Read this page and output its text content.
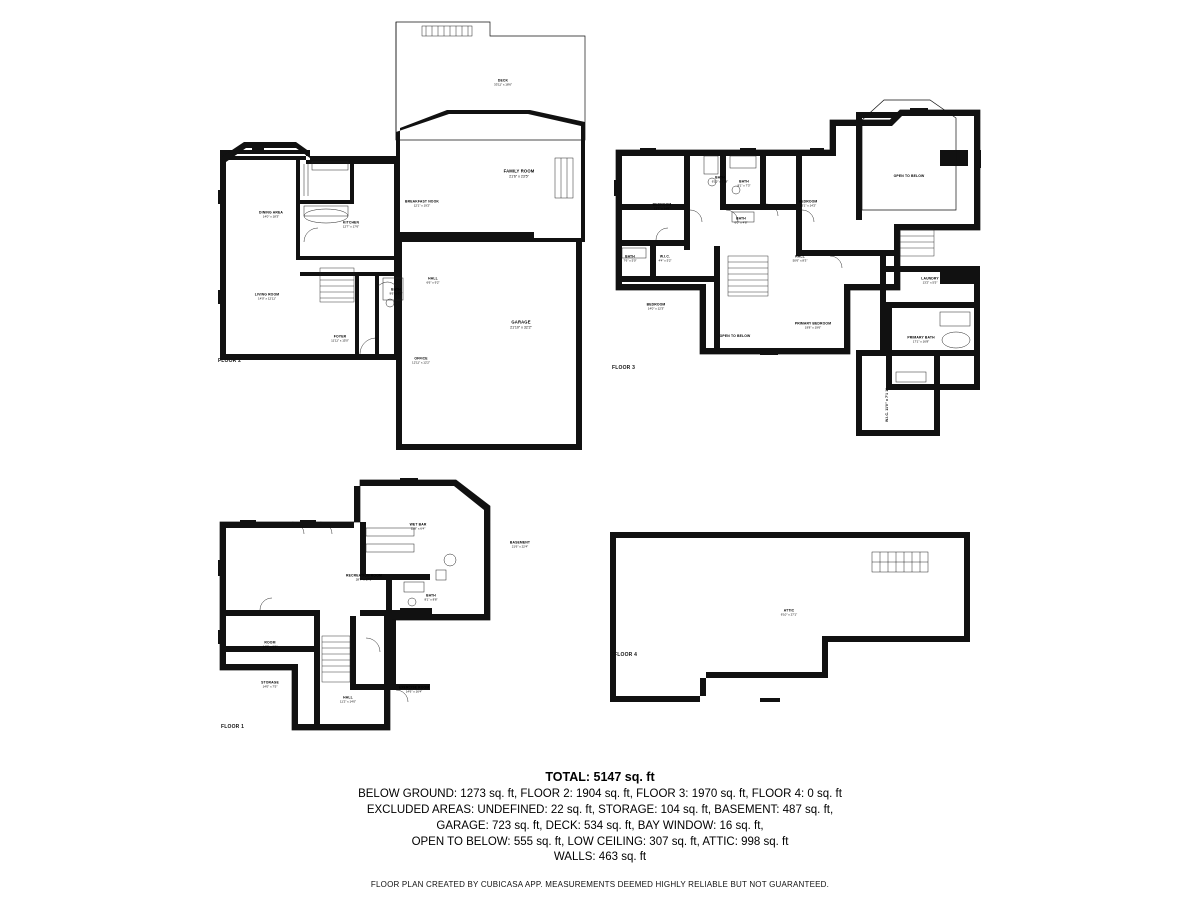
FLOOR 2
DECK
33'11" x 18'6"
FAMILY ROOM
21'6" x 23'5"
BREAKFAST NOOK
12'1" x 19'2"
DINING AREA
14'0" x 18'3"
KITCHEN
12'7" x 17'6"
LIVING ROOM
14'0" x 12'11"
HALL
6'6" x 9'2"
BATH
9'6" x 9'1"
FOYER
11'11" x 15'0"
OFFICE
12'11" x 12'2"
GARAGE
21'10" x 32'2"
FLOOR 3
OPEN TO BELOW
BEDROOM
13'1" x 14'2"
BEDROOM
13'7" x 14'8"
BATH
6'10" x 7'28"	BATH
8'1" x 7'3"
BATH
6'0" x 4'8"
BATH
7'6" x 5'0"
W.I.C.
4'4" x 5'2"
BEDROOM
14'0" x 12'3"
HALL
50'6" x 8'3"
OPEN TO BELOW
PRIMARY BEDROOM
19'8" x 19'6"
LAUNDRY
13'2" x 5'5"
PRIMARY BATH
17'1" x 16'8"
W.I.C. 11'0" x 7'1 1"
FLOOR 1
WET BAR
11'8" x 6'4"
BASEMENT
21'6" x 22'4"
RECREATION ROOM
28'7" x 17'1"
BATH
8'1" x 8'8"
ROOM
14'0" x 6'1"
STORAGE
14'0" x 7'5"
HALL
11'2" x 14'0"
EXERCISE ROOM
14'6" x 16'4"
FLOOR 4
ATTIC
6'10" x 27'1"
TOTAL: 5147 sq. ft
BELOW GROUND: 1273 sq. ft, FLOOR 2: 1904 sq. ft, FLOOR 3: 1970 sq. ft, FLOOR 4: 0 sq. ft
EXCLUDED AREAS: UNDEFINED: 22 sq. ft, STORAGE: 104 sq. ft, BASEMENT: 487 sq. ft,
GARAGE: 723 sq. ft, DECK: 534 sq. ft, BAY WINDOW: 16 sq. ft,
OPEN TO BELOW: 555 sq. ft, LOW CEILING: 307 sq. ft, ATTIC: 998 sq. ft
WALLS: 463 sq. ft
FLOOR PLAN CREATED BY CUBICASA APP. MEASUREMENTS DEEMED HIGHLY RELIABLE BUT NOT GUARANTEED.
